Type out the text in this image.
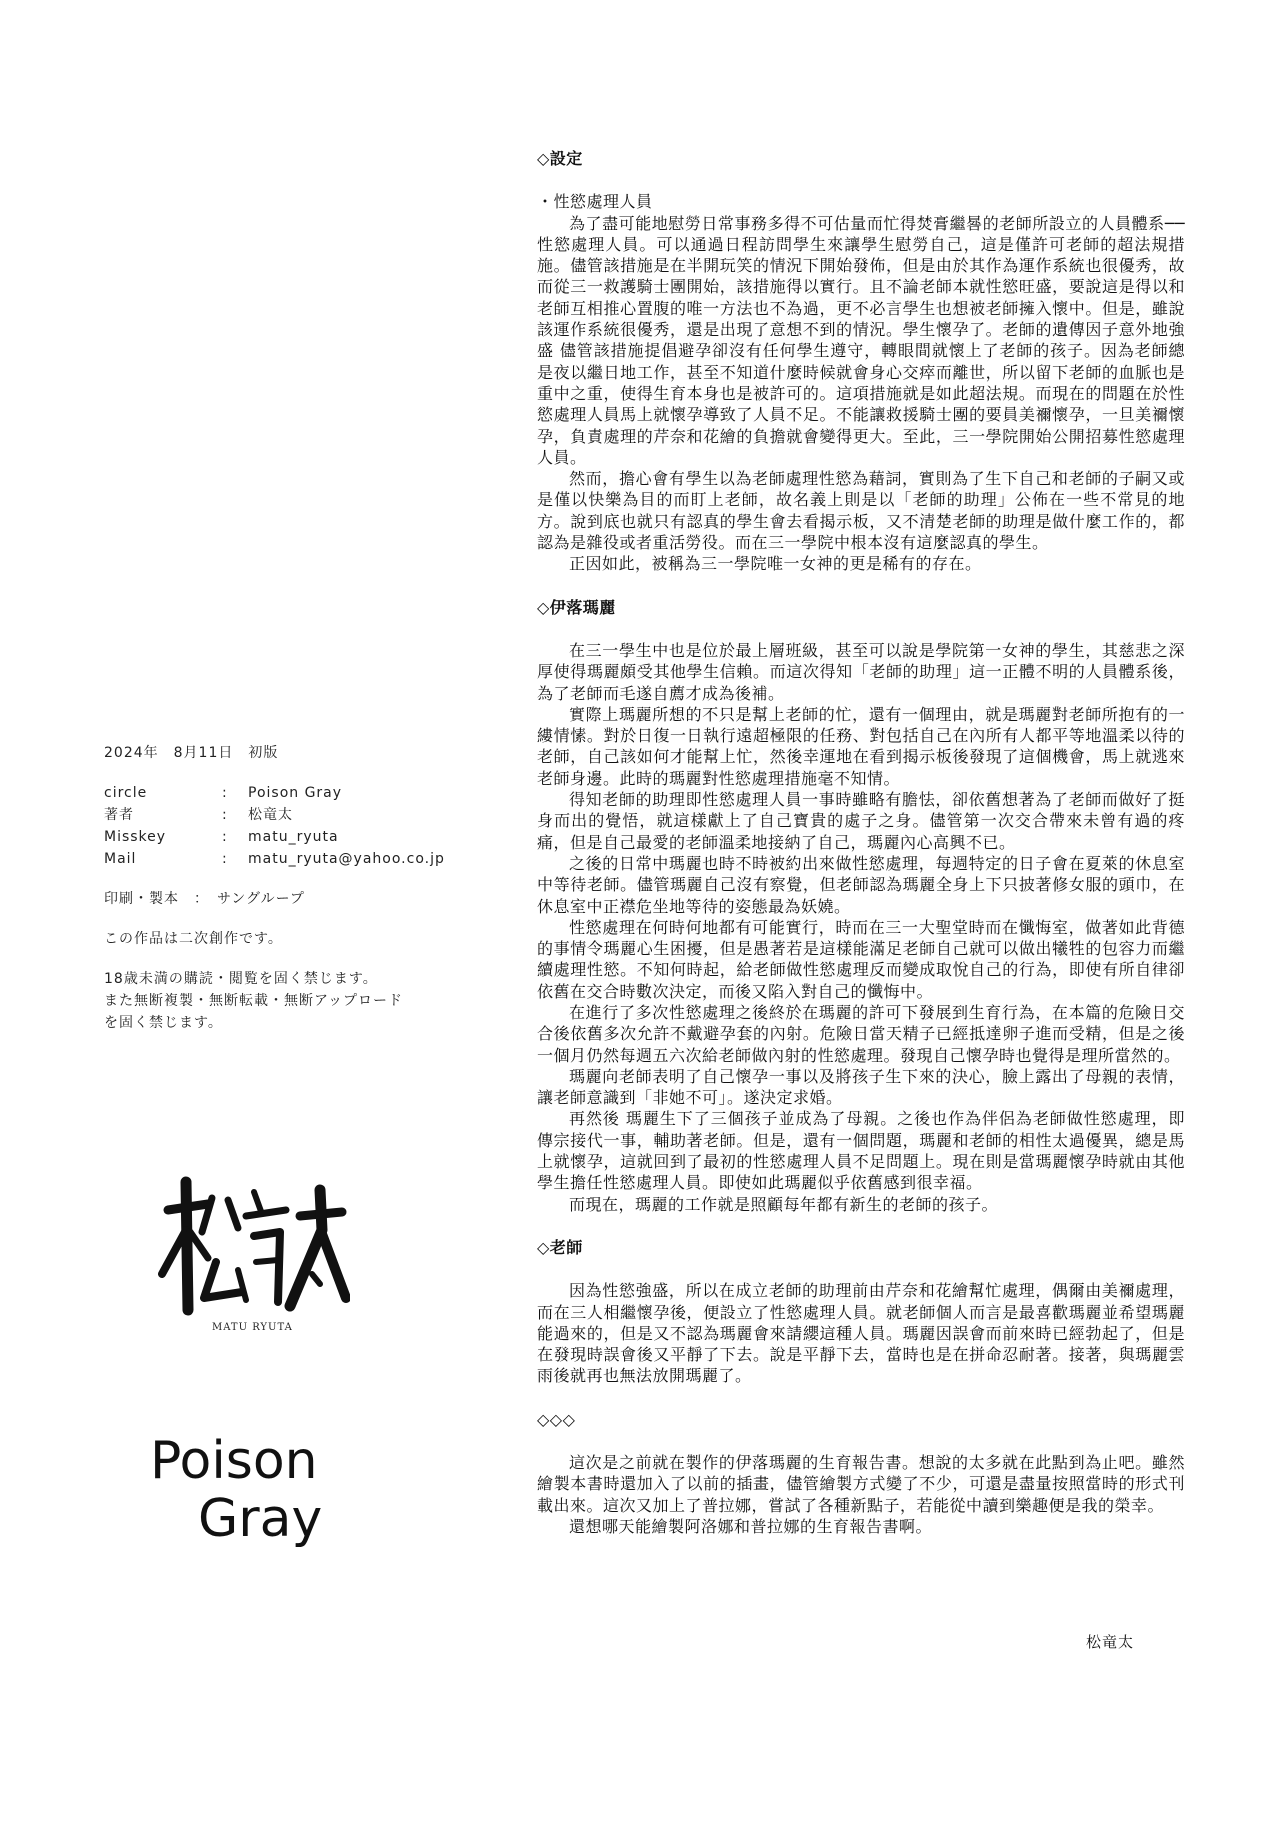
2024年　8月11日　初版
circle	:	Poison Gray
著者	:	松竜太
Misskey	:	matu_ryuta
Mail	:	matu_ryuta@yahoo.co.jp
印刷・製本　：　サングループ
この作品は二次創作です。
18歳未満の購読・閲覧を固く禁じます。
また無断複製・無断転載・無断アップロード
を固く禁じます。
MATU RYUTA
Poison
Gray

◇設定

・性慾處理人員

為了盡可能地慰勞日常事務多得不可估量而忙得焚膏繼晷的老師所設立的人員體系──性慾處理人員。可以通過日程訪問學生來讓學生慰勞自己，這是僅許可老師的超法規措施。儘管該措施是在半開玩笑的情況下開始發佈，但是由於其作為運作系統也很優秀，故而從三一救護騎士團開始，該措施得以實行。且不論老師本就性慾旺盛，要說這是得以和老師互相推心置腹的唯一方法也不為過，更不必言學生也想被老師擁入懷中。但是，雖說該運作系統很優秀，還是出現了意想不到的情況。學生懷孕了。老師的遺傳因子意外地強盛 儘管該措施提倡避孕卻沒有任何學生遵守，轉眼間就懷上了老師的孩子。因為老師總是夜以繼日地工作，甚至不知道什麼時候就會身心交瘁而離世，所以留下老師的血脈也是重中之重，使得生育本身也是被許可的。這項措施就是如此超法規。而現在的問題在於性慾處理人員馬上就懷孕導致了人員不足。不能讓救援騎士團的要員美禰懷孕，一旦美禰懷孕，負責處理的芹奈和花繪的負擔就會變得更大。至此，三一學院開始公開招募性慾處理人員。

然而，擔心會有學生以為老師處理性慾為藉詞，實則為了生下自己和老師的子嗣又或是僅以快樂為目的而盯上老師，故名義上則是以「老師的助理」公佈在一些不常見的地方。說到底也就只有認真的學生會去看揭示板，又不清楚老師的助理是做什麼工作的，都認為是雜役或者重活勞役。而在三一學院中根本沒有這麼認真的學生。

正因如此，被稱為三一學院唯一女神的更是稀有的存在。

◇伊落瑪麗

在三一學生中也是位於最上層班級，甚至可以說是學院第一女神的學生，其慈悲之深厚使得瑪麗頗受其他學生信賴。而這次得知「老師的助理」這一正體不明的人員體系後，為了老師而毛遂自薦才成為後補。

實際上瑪麗所想的不只是幫上老師的忙，還有一個理由，就是瑪麗對老師所抱有的一縷情愫。對於日復一日執行遠超極限的任務、對包括自己在內所有人都平等地溫柔以待的老師，自己該如何才能幫上忙，然後幸運地在看到揭示板後發現了這個機會，馬上就逃來老師身邊。此時的瑪麗對性慾處理措施毫不知情。

得知老師的助理即性慾處理人員一事時雖略有膽怯，卻依舊想著為了老師而做好了挺身而出的覺悟，就這樣獻上了自己寶貴的處子之身。儘管第一次交合帶來未曾有過的疼痛，但是自己最愛的老師溫柔地接納了自己，瑪麗內心高興不已。

之後的日常中瑪麗也時不時被約出來做性慾處理，每週特定的日子會在夏萊的休息室中等待老師。儘管瑪麗自己沒有察覺，但老師認為瑪麗全身上下只披著修女服的頭巾，在休息室中正襟危坐地等待的姿態最為妖嬈。

性慾處理在何時何地都有可能實行，時而在三一大聖堂時而在懺悔室，做著如此背德的事情令瑪麗心生困擾，但是愚著若是這樣能滿足老師自己就可以做出犧牲的包容力而繼續處理性慾。不知何時起，給老師做性慾處理反而變成取悅自己的行為，即使有所自律卻依舊在交合時數次決定，而後又陷入對自己的懺悔中。

在進行了多次性慾處理之後終於在瑪麗的許可下發展到生育行為，在本篇的危險日交合後依舊多次允許不戴避孕套的內射。危險日當天精子已經抵達卵子進而受精，但是之後一個月仍然每週五六次給老師做內射的性慾處理。發現自己懷孕時也覺得是理所當然的。

瑪麗向老師表明了自己懷孕一事以及將孩子生下來的決心，臉上露出了母親的表情，讓老師意識到「非她不可」。遂決定求婚。

再然後 瑪麗生下了三個孩子並成為了母親。之後也作為伴侶為老師做性慾處理，即傳宗接代一事，輔助著老師。但是，還有一個問題，瑪麗和老師的相性太過優異，總是馬上就懷孕，這就回到了最初的性慾處理人員不足問題上。現在則是當瑪麗懷孕時就由其他學生擔任性慾處理人員。即使如此瑪麗似乎依舊感到很幸福。

而現在，瑪麗的工作就是照顧每年都有新生的老師的孩子。

◇老師

因為性慾強盛，所以在成立老師的助理前由芹奈和花繪幫忙處理，偶爾由美禰處理，而在三人相繼懷孕後，便設立了性慾處理人員。就老師個人而言是最喜歡瑪麗並希望瑪麗能過來的，但是又不認為瑪麗會來請纓這種人員。瑪麗因誤會而前來時已經勃起了，但是在發現時誤會後又平靜了下去。說是平靜下去，當時也是在拼命忍耐著。接著，與瑪麗雲雨後就再也無法放開瑪麗了。

◇◇◇

這次是之前就在製作的伊落瑪麗的生育報告書。想說的太多就在此點到為止吧。雖然繪製本書時還加入了以前的插畫，儘管繪製方式變了不少，可還是盡量按照當時的形式刊載出來。這次又加上了普拉娜，嘗試了各種新點子，若能從中讀到樂趣便是我的榮幸。

還想哪天能繪製阿洛娜和普拉娜的生育報告書啊。

松竜太
